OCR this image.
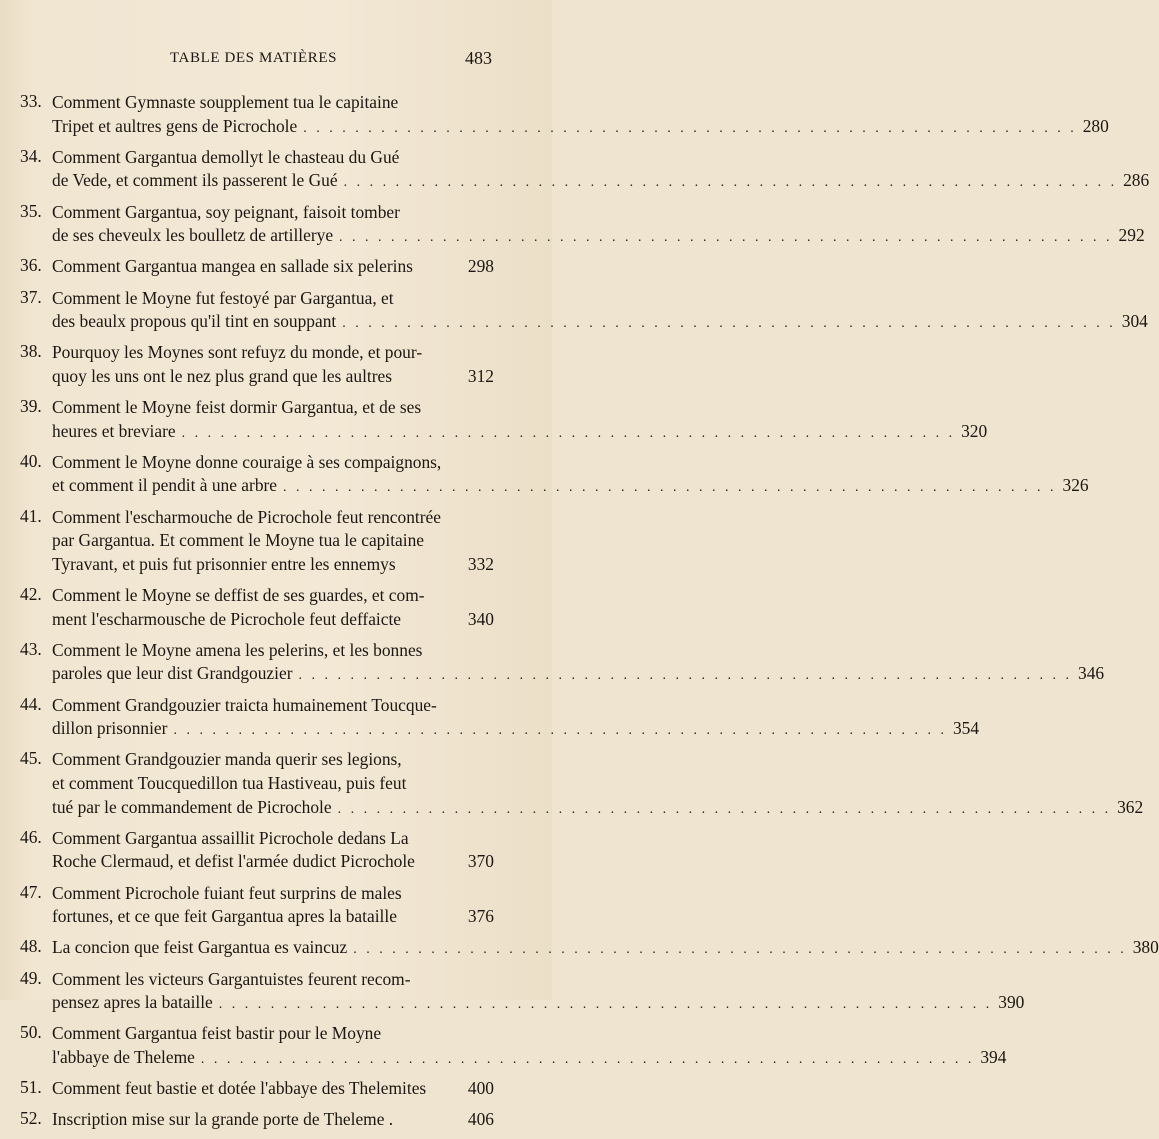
TABLE DES MATIÈRES	483
33. Comment Gymnaste soupplement tua le capitaine
Tripet et aultres gens de Picrochole . . . . . . . . . . . . . . . . . . . . . . . . . . . . . . . . . . . . . . . . . . . . . . . . . . . . . . . . . . . . 280
34. Comment Gargantua demollyt le chasteau du Gué
de Vede, et comment ils passerent le Gué . . . . . . . . . . . . . . . . . . . . . . . . . . . . . . . . . . . . . . . . . . . . . . . . . . . . . . . . . . . . 286
35. Comment Gargantua, soy peignant, faisoit tomber
de ses cheveulx les boulletz de artillerye . . . . . . . . . . . . . . . . . . . . . . . . . . . . . . . . . . . . . . . . . . . . . . . . . . . . . . . . . . . . 292
36. Comment Gargantua mangea en sallade six pelerins	298
37. Comment le Moyne fut festoyé par Gargantua, et
des beaulx propous qu'il tint en souppant . . . . . . . . . . . . . . . . . . . . . . . . . . . . . . . . . . . . . . . . . . . . . . . . . . . . . . . . . . . . 304
38. Pourquoy les Moynes sont refuyz du monde, et pour-
quoy les uns ont le nez plus grand que les aultres	312
39. Comment le Moyne feist dormir Gargantua, et de ses
heures et breviare . . . . . . . . . . . . . . . . . . . . . . . . . . . . . . . . . . . . . . . . . . . . . . . . . . . . . . . . . . . . 320
40. Comment le Moyne donne couraige à ses compaignons,
et comment il pendit à une arbre . . . . . . . . . . . . . . . . . . . . . . . . . . . . . . . . . . . . . . . . . . . . . . . . . . . . . . . . . . . . 326
41. Comment l'escharmouche de Picrochole feut rencontrée
par Gargantua. Et comment le Moyne tua le capitaine
Tyravant, et puis fut prisonnier entre les ennemys	332
42. Comment le Moyne se deffist de ses guardes, et com-
ment l'escharmousche de Picrochole feut deffaicte	340
43. Comment le Moyne amena les pelerins, et les bonnes
paroles que leur dist Grandgouzier . . . . . . . . . . . . . . . . . . . . . . . . . . . . . . . . . . . . . . . . . . . . . . . . . . . . . . . . . . . . 346
44. Comment Grandgouzier traicta humainement Toucque-
dillon prisonnier . . . . . . . . . . . . . . . . . . . . . . . . . . . . . . . . . . . . . . . . . . . . . . . . . . . . . . . . . . . . 354
45. Comment Grandgouzier manda querir ses legions,
et comment Toucquedillon tua Hastiveau, puis feut
tué par le commandement de Picrochole . . . . . . . . . . . . . . . . . . . . . . . . . . . . . . . . . . . . . . . . . . . . . . . . . . . . . . . . . . . . 362
46. Comment Gargantua assaillit Picrochole dedans La
Roche Clermaud, et defist l'armée dudict Picrochole	370
47. Comment Picrochole fuiant feut surprins de males
fortunes, et ce que feit Gargantua apres la bataille	376
48. La concion que feist Gargantua es vaincuz . . . . . . . . . . . . . . . . . . . . . . . . . . . . . . . . . . . . . . . . . . . . . . . . . . . . . . . . . . . . 380
49. Comment les victeurs Gargantuistes feurent recom-
pensez apres la bataille . . . . . . . . . . . . . . . . . . . . . . . . . . . . . . . . . . . . . . . . . . . . . . . . . . . . . . . . . . . . 390
50. Comment Gargantua feist bastir pour le Moyne
l'abbaye de Theleme . . . . . . . . . . . . . . . . . . . . . . . . . . . . . . . . . . . . . . . . . . . . . . . . . . . . . . . . . . . . 394
51. Comment feut bastie et dotée l'abbaye des Thelemites 400
52. Inscription mise sur la grande porte de Theleme .	406
